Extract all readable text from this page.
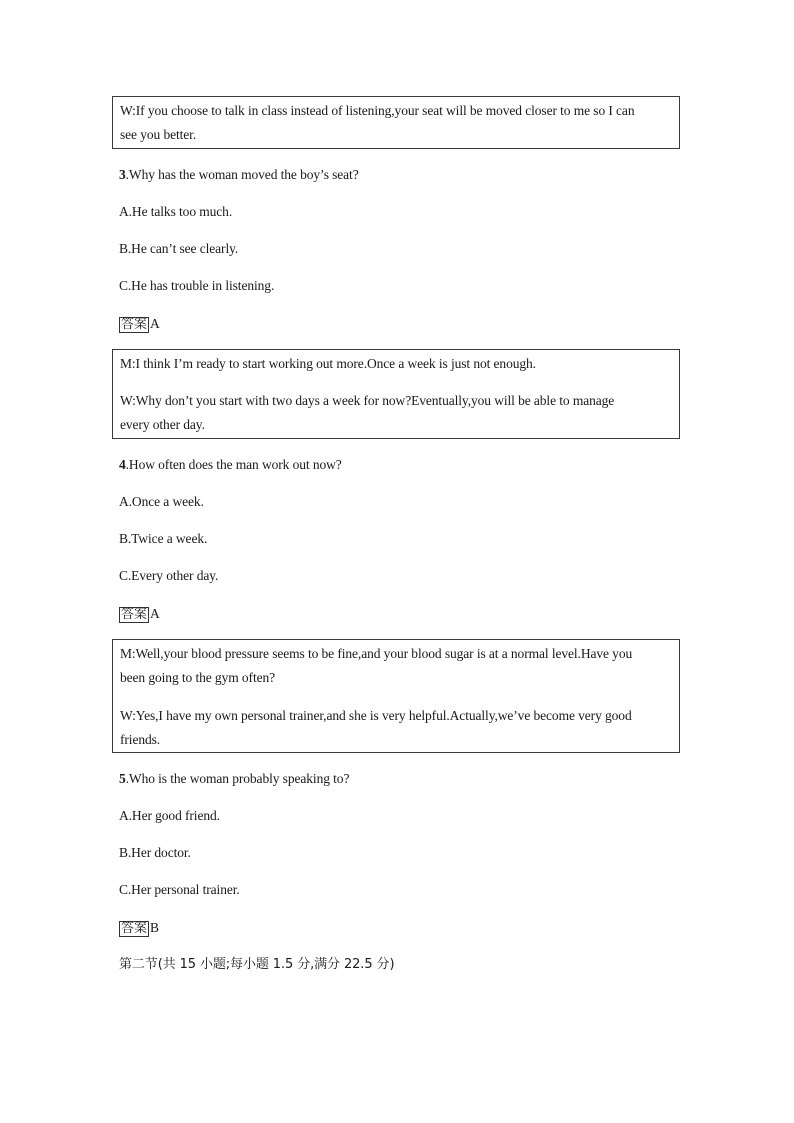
W:If you choose to talk in class instead of listening,your seat will be moved closer to me so I can
see you better.
3.Why has the woman moved the boy’s seat?
A.He talks too much.
B.He can’t see clearly.
C.He has trouble in listening.
答案 A
M:I think I’m ready to start working out more.Once a week is just not enough.
W:Why don’t you start with two days a week for now?Eventually,you will be able to manage
every other day.
4.How often does the man work out now?
A.Once a week.
B.Twice a week.
C.Every other day.
答案 A
M:Well,your blood pressure seems to be fine,and your blood sugar is at a normal level.Have you
been going to the gym often?
W:Yes,I have my own personal trainer,and she is very helpful.Actually,we’ve become very good
friends.
5.Who is the woman probably speaking to?
A.Her good friend.
B.Her doctor.
C.Her personal trainer.
答案 B
第二节(共 15 小题;每小题 1.5 分,满分 22.5 分)
